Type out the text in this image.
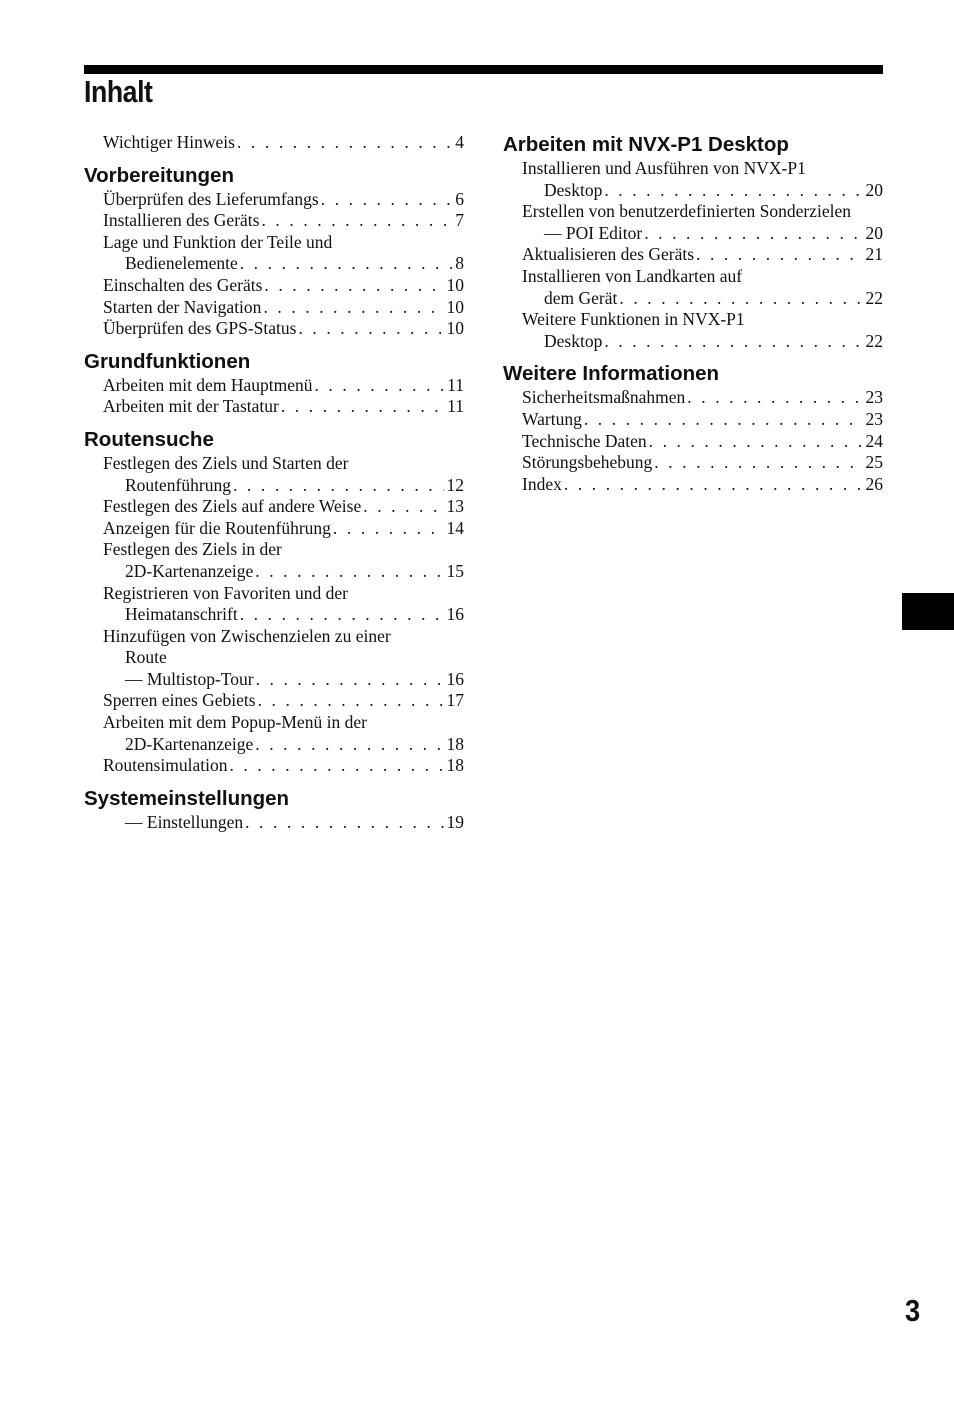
Inhalt
Wichtiger Hinweis . . .	4
Vorbereitungen
Überprüfen des Lieferumfangs . . .	6
Installieren des Geräts . . .	7
Lage und Funktion der Teile und
Bedienelemente . . .	8
Einschalten des Geräts . . .	10
Starten der Navigation . . .	10
Überprüfen des GPS-Status . . .	10
Grundfunktionen
Arbeiten mit dem Hauptmenü . . .	11
Arbeiten mit der Tastatur . . .	11
Routensuche
Festlegen des Ziels und Starten der
Routenführung . . .	12
Festlegen des Ziels auf andere Weise . . .	13
Anzeigen für die Routenführung . . .	14
Festlegen des Ziels in der
2D-Kartenanzeige . . .	15
Registrieren von Favoriten und der
Heimatanschrift . . .	16
Hinzufügen von Zwischenzielen zu einer
Route
— Multistop-Tour . . .	16
Sperren eines Gebiets . . .	17
Arbeiten mit dem Popup-Menü in der
2D-Kartenanzeige . . .	18
Routensimulation . . .	18
Systemeinstellungen
— Einstellungen . . .	19
Arbeiten mit NVX-P1 Desktop
Installieren und Ausführen von NVX-P1
Desktop . . .	20
Erstellen von benutzerdefinierten Sonderzielen
— POI Editor . . .	20
Aktualisieren des Geräts . . .	21
Installieren von Landkarten auf
dem Gerät . . .	22
Weitere Funktionen in NVX-P1
Desktop . . .	22
Weitere Informationen
Sicherheitsmaßnahmen . . .	23
Wartung . . .	23
Technische Daten . . .	24
Störungsbehebung . . .	25
Index . . .	26
3
